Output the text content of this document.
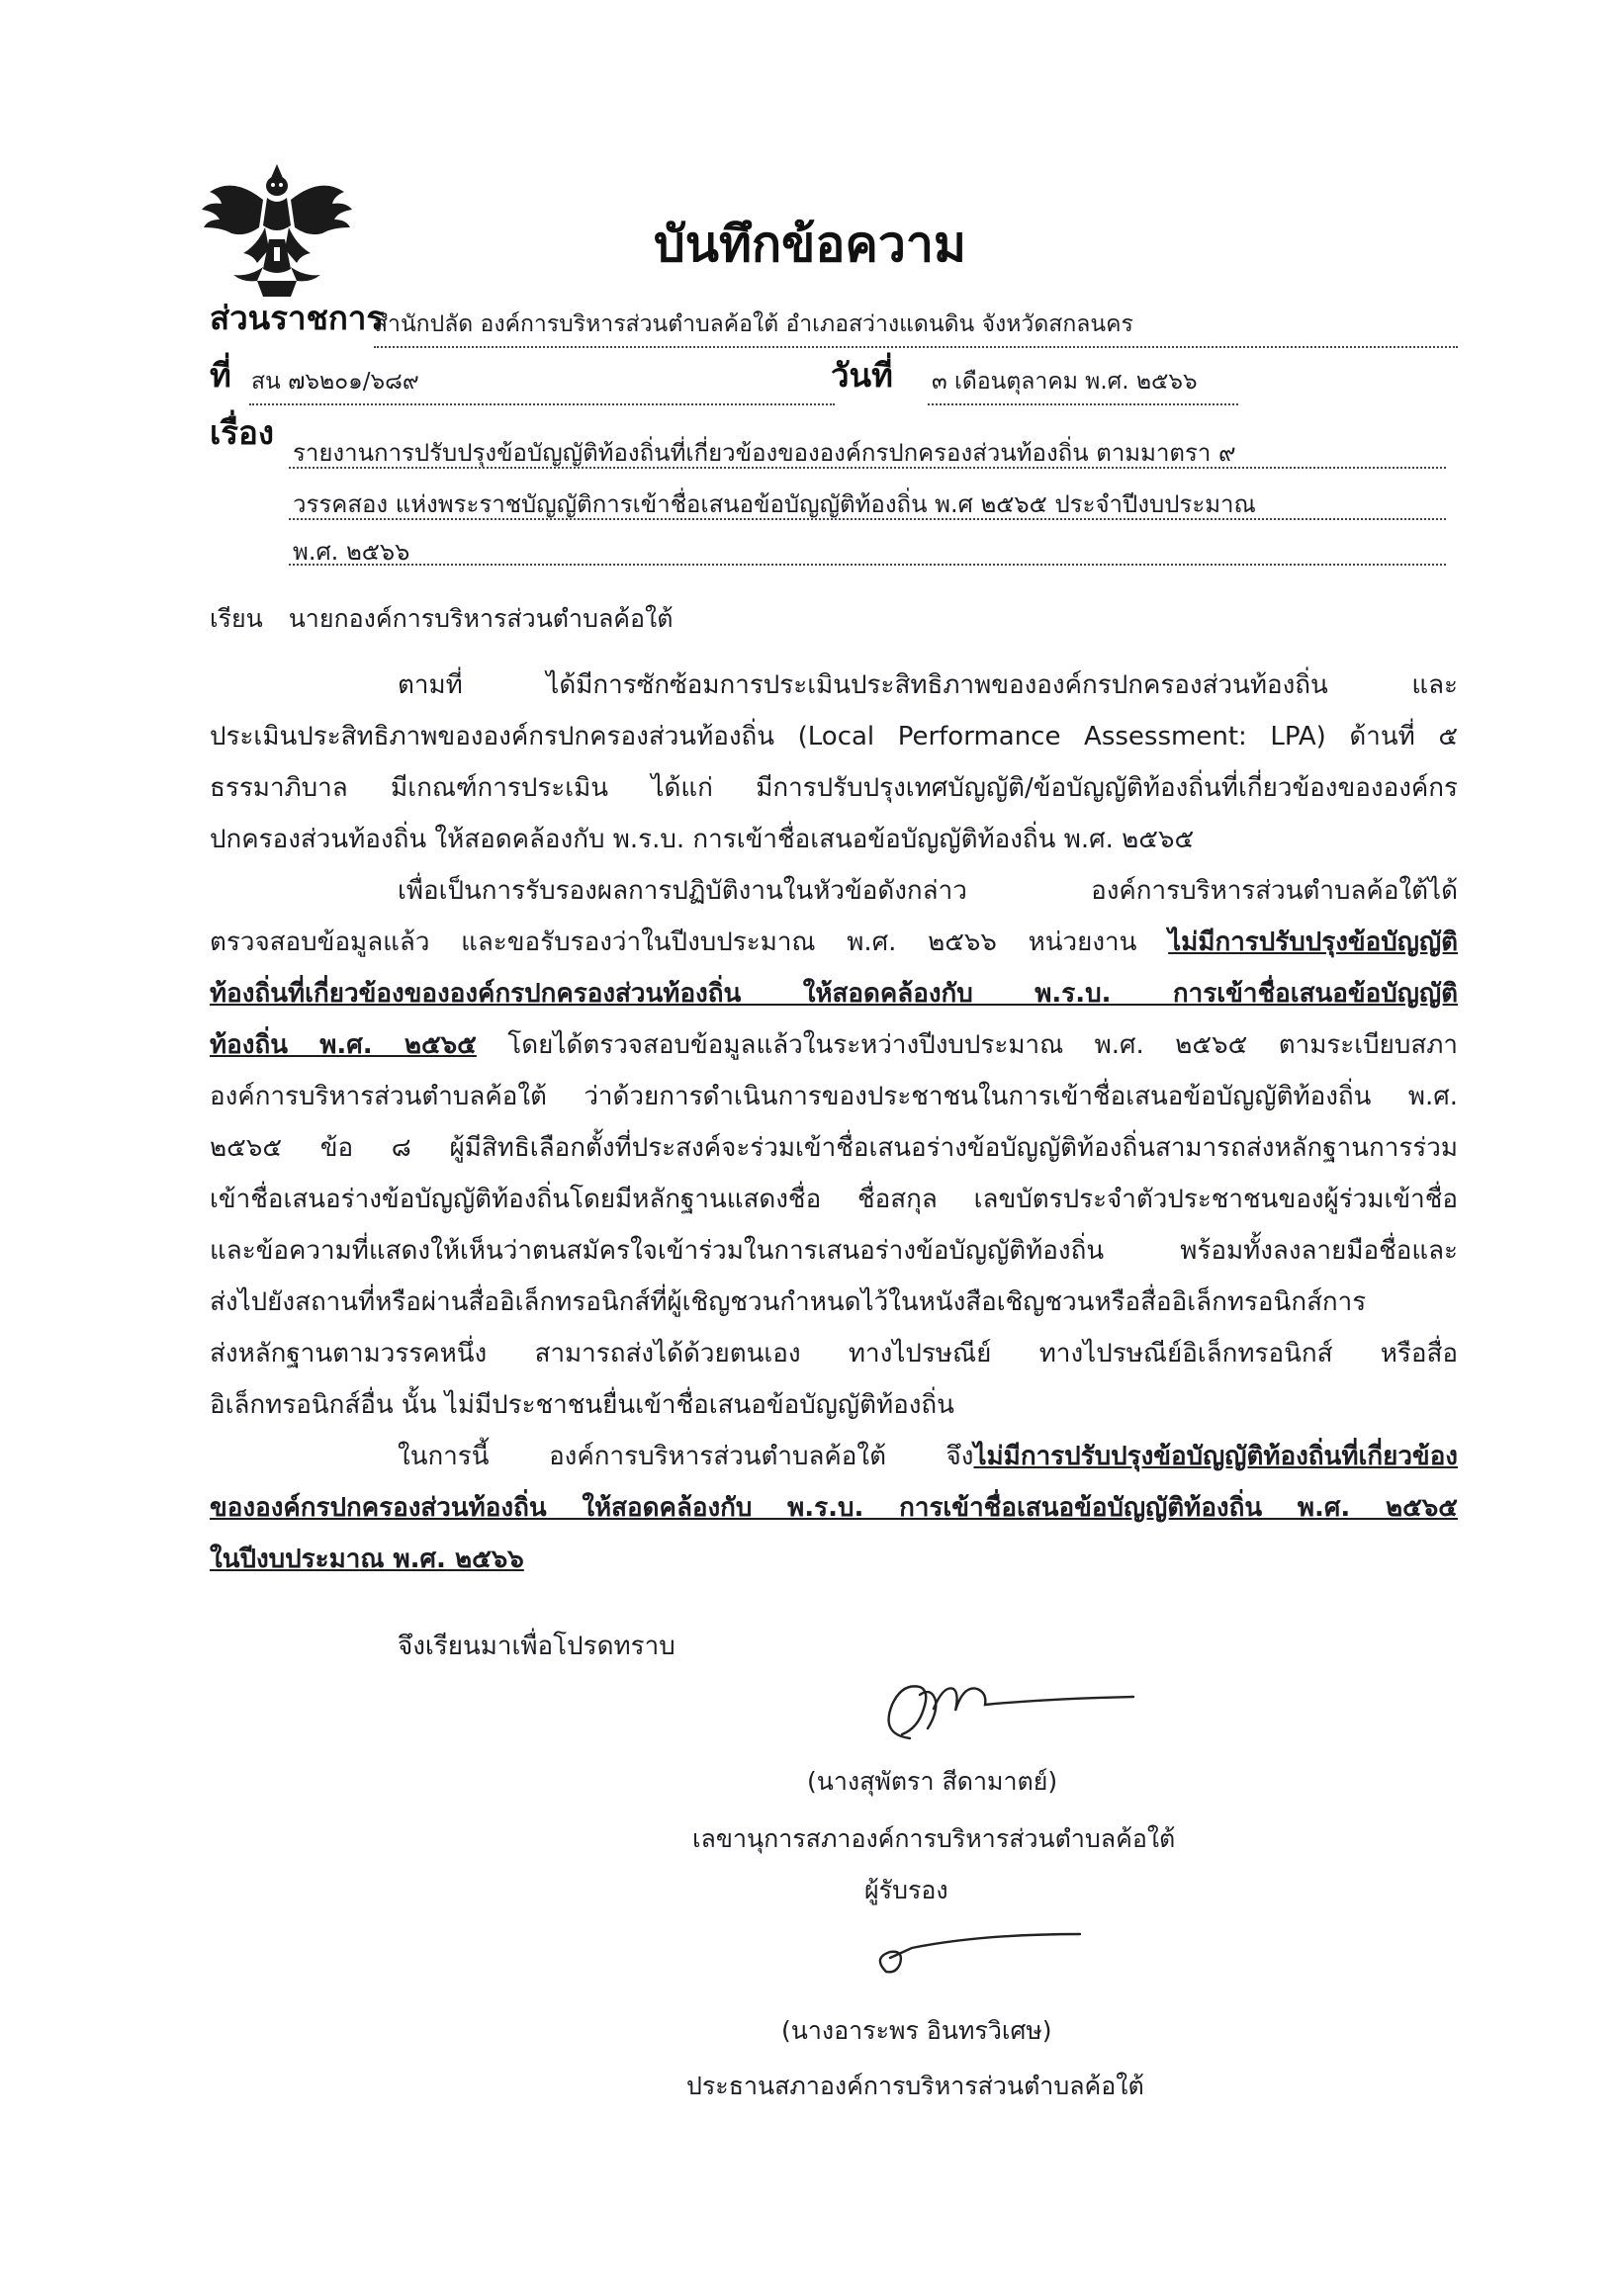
บันทึกข้อความ
ส่วนราชการ
สำนักปลัด องค์การบริหารส่วนตำบลค้อใต้ อำเภอสว่างแดนดิน จังหวัดสกลนคร
ที่ สน ๗๖๒๐๑/๖๘๙	วันที่ ๓ เดือนตุลาคม พ.ศ. ๒๕๖๖
เรื่อง
รายงานการปรับปรุงข้อบัญญัติท้องถิ่นที่เกี่ยวข้องขององค์กรปกครองส่วนท้องถิ่น ตามมาตรา ๙
วรรคสอง แห่งพระราชบัญญัติการเข้าชื่อเสนอข้อบัญญัติท้องถิ่น พ.ศ ๒๕๖๕ ประจำปีงบประมาณ
พ.ศ. ๒๕๖๖
เรียน นายกองค์การบริหารส่วนตำบลค้อใต้
ตามที่ ได้มีการซักซ้อมการประเมินประสิทธิภาพขององค์กรปกครองส่วนท้องถิ่น และ
ประเมินประสิทธิภาพขององค์กรปกครองส่วนท้องถิ่น (Local Performance Assessment: LPA) ด้านที่ ๕
ธรรมาภิบาล มีเกณฑ์การประเมิน ได้แก่ มีการปรับปรุงเทศบัญญัติ/ข้อบัญญัติท้องถิ่นที่เกี่ยวข้องขององค์กร
ปกครองส่วนท้องถิ่น ให้สอดคล้องกับ พ.ร.บ. การเข้าชื่อเสนอข้อบัญญัติท้องถิ่น พ.ศ. ๒๕๖๕
เพื่อเป็นการรับรองผลการปฏิบัติงานในหัวข้อดังกล่าว องค์การบริหารส่วนตำบลค้อใต้ได้
ตรวจสอบข้อมูลแล้ว และขอรับรองว่าในปีงบประมาณ พ.ศ. ๒๕๖๖ หน่วยงาน ไม่มีการปรับปรุงข้อบัญญัติ
ท้องถิ่นที่เกี่ยวข้องขององค์กรปกครองส่วนท้องถิ่น ให้สอดคล้องกับ พ.ร.บ. การเข้าชื่อเสนอข้อบัญญัติ
ท้องถิ่น พ.ศ. ๒๕๖๕ โดยได้ตรวจสอบข้อมูลแล้วในระหว่างปีงบประมาณ พ.ศ. ๒๕๖๕ ตามระเบียบสภา
องค์การบริหารส่วนตำบลค้อใต้ ว่าด้วยการดำเนินการของประชาชนในการเข้าชื่อเสนอข้อบัญญัติท้องถิ่น พ.ศ.
๒๕๖๕ ข้อ ๘ ผู้มีสิทธิเลือกตั้งที่ประสงค์จะร่วมเข้าชื่อเสนอร่างข้อบัญญัติท้องถิ่นสามารถส่งหลักฐานการร่วม
เข้าชื่อเสนอร่างข้อบัญญัติท้องถิ่นโดยมีหลักฐานแสดงชื่อ ชื่อสกุล เลขบัตรประจำตัวประชาชนของผู้ร่วมเข้าชื่อ
และข้อความที่แสดงให้เห็นว่าตนสมัครใจเข้าร่วมในการเสนอร่างข้อบัญญัติท้องถิ่น พร้อมทั้งลงลายมือชื่อและ
ส่งไปยังสถานที่หรือผ่านสื่ออิเล็กทรอนิกส์ที่ผู้เชิญชวนกำหนดไว้ในหนังสือเชิญชวนหรือสื่ออิเล็กทรอนิกส์การ
ส่งหลักฐานตามวรรคหนึ่ง สามารถส่งได้ด้วยตนเอง ทางไปรษณีย์ ทางไปรษณีย์อิเล็กทรอนิกส์ หรือสื่อ
อิเล็กทรอนิกส์อื่น นั้น ไม่มีประชาชนยื่นเข้าชื่อเสนอข้อบัญญัติท้องถิ่น
ในการนี้ องค์การบริหารส่วนตำบลค้อใต้ จึงไม่มีการปรับปรุงข้อบัญญัติท้องถิ่นที่เกี่ยวข้อง
ขององค์กรปกครองส่วนท้องถิ่น ให้สอดคล้องกับ พ.ร.บ. การเข้าชื่อเสนอข้อบัญญัติท้องถิ่น พ.ศ. ๒๕๖๕
ในปีงบประมาณ พ.ศ. ๒๕๖๖
จึงเรียนมาเพื่อโปรดทราบ
(นางสุพัตรา สีดามาตย์)
เลขานุการสภาองค์การบริหารส่วนตำบลค้อใต้
ผู้รับรอง
(นางอาระพร อินทรวิเศษ)
ประธานสภาองค์การบริหารส่วนตำบลค้อใต้
